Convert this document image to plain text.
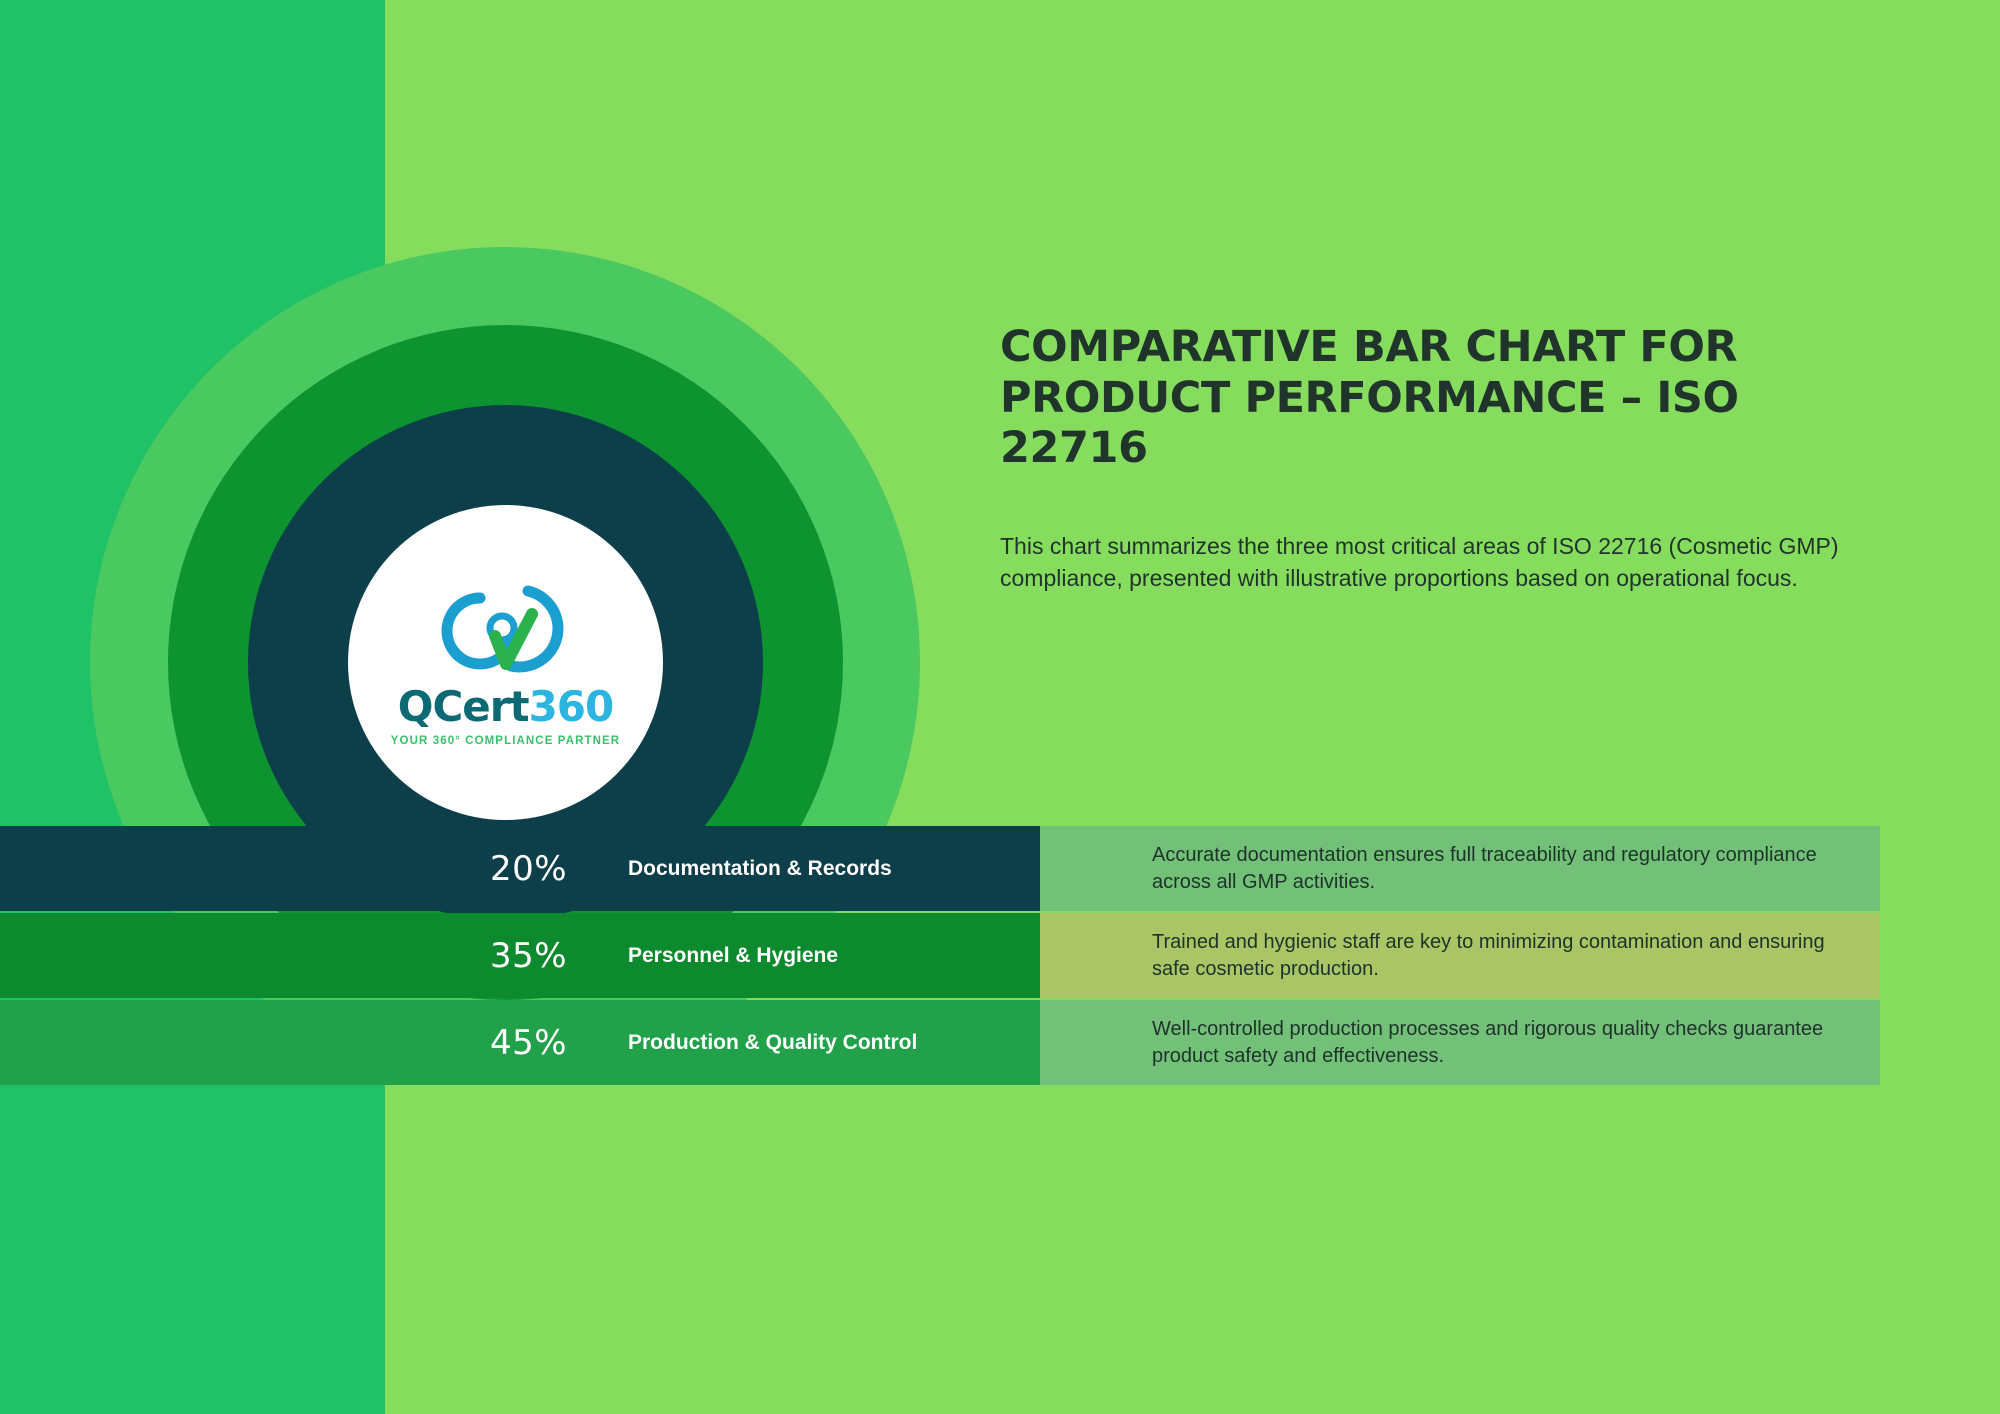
QCert360
YOUR 360° COMPLIANCE PARTNER
COMPARATIVE BAR CHART FOR PRODUCT PERFORMANCE – ISO 22716
This chart summarizes the three most critical areas of ISO 22716 (Cosmetic GMP) compliance, presented with illustrative proportions based on operational focus.
20%	Documentation & Records
Accurate documentation ensures full traceability and regulatory compliance across all GMP activities.
35%	Personnel & Hygiene
Trained and hygienic staff are key to minimizing contamination and ensuring safe cosmetic production.
45%	Production & Quality Control
Well-controlled production processes and rigorous quality checks guarantee product safety and effectiveness.
